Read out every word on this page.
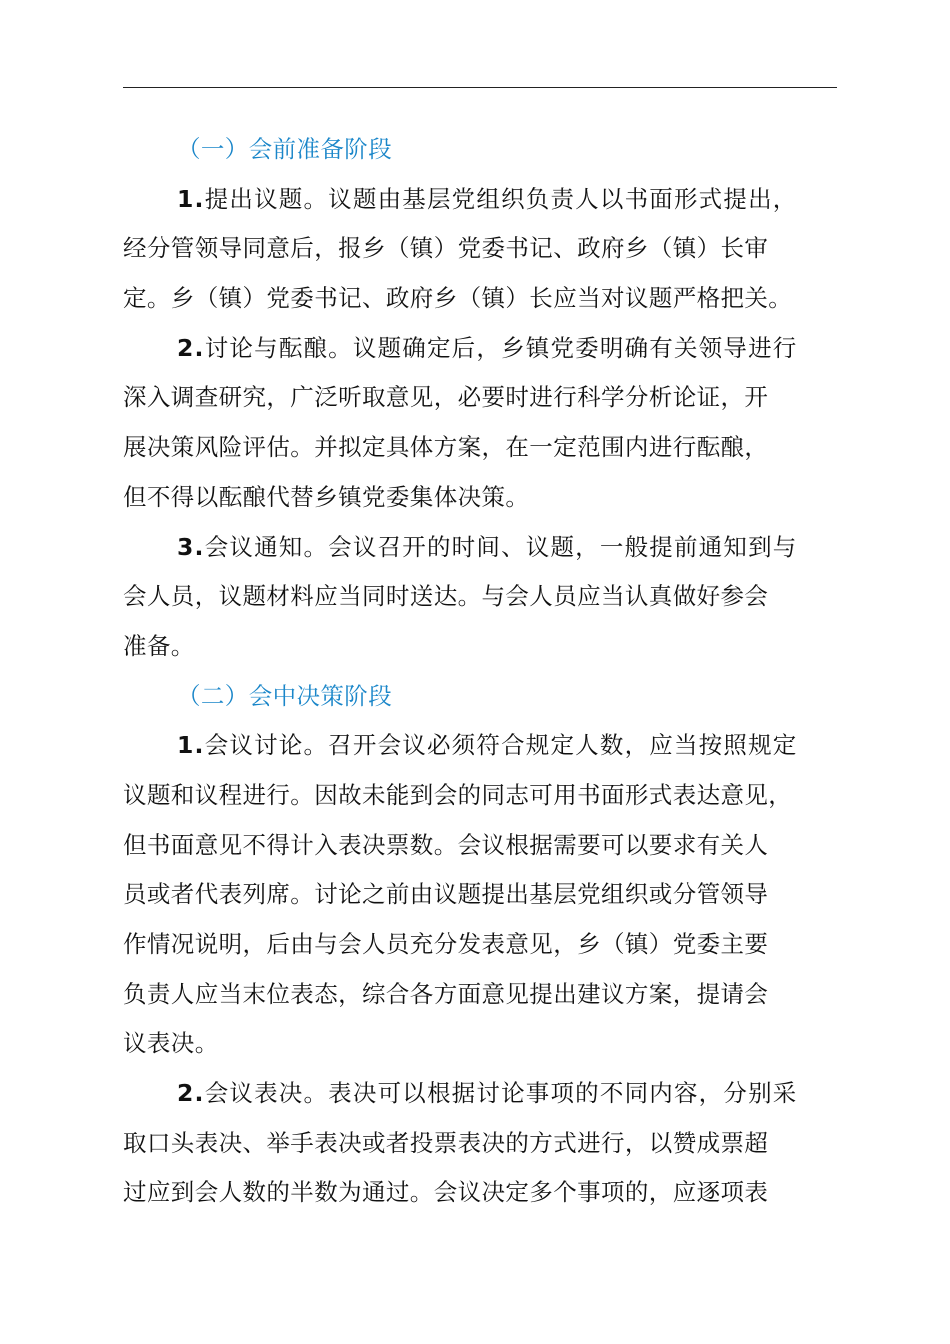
（一）会前准备阶段
1.提出议题。议题由基层党组织负责人以书面形式提出，
经分管领导同意后，报乡（镇）党委书记、政府乡（镇）长审
定。乡（镇）党委书记、政府乡（镇）长应当对议题严格把关。
2.讨论与酝酿。议题确定后，乡镇党委明确有关领导进行
深入调查研究，广泛听取意见，必要时进行科学分析论证，开
展决策风险评估。并拟定具体方案，在一定范围内进行酝酿，
但不得以酝酿代替乡镇党委集体决策。
3.会议通知。会议召开的时间、议题，一般提前通知到与
会人员，议题材料应当同时送达。与会人员应当认真做好参会
准备。
（二）会中决策阶段
1.会议讨论。召开会议必须符合规定人数，应当按照规定
议题和议程进行。因故未能到会的同志可用书面形式表达意见，
但书面意见不得计入表决票数。会议根据需要可以要求有关人
员或者代表列席。讨论之前由议题提出基层党组织或分管领导
作情况说明，后由与会人员充分发表意见，乡（镇）党委主要
负责人应当末位表态，综合各方面意见提出建议方案，提请会
议表决。
2.会议表决。表决可以根据讨论事项的不同内容，分别采
取口头表决、举手表决或者投票表决的方式进行，以赞成票超
过应到会人数的半数为通过。会议决定多个事项的，应逐项表
